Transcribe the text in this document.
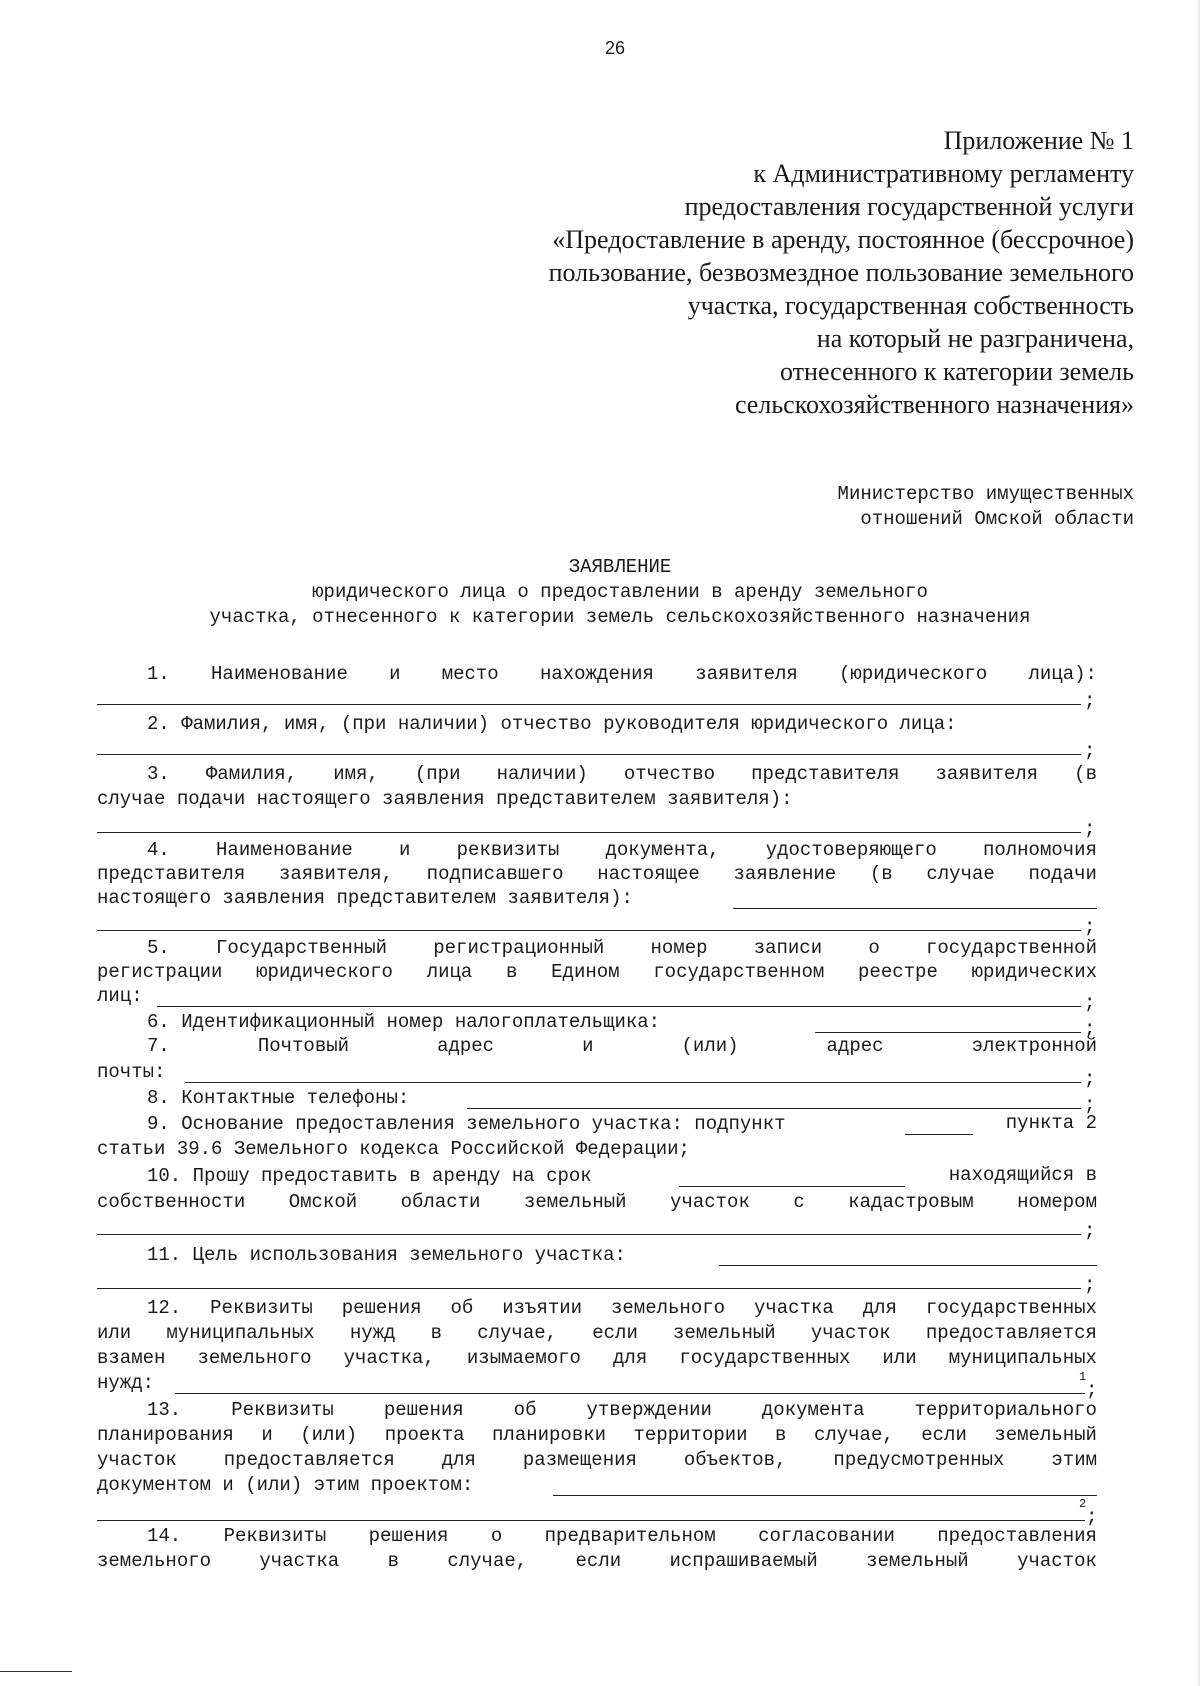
26
Приложение № 1
к Административному регламенту
предоставления государственной услуги
«Предоставление в аренду, постоянное (бессрочное)
пользование, безвозмездное пользование земельного
участка, государственная собственность
на который не разграничена,
отнесенного к категории земель
сельскохозяйственного назначения»
Министерство имущественных
отношений Омской области
ЗАЯВЛЕНИЕ
юридического лица о предоставлении в аренду земельного
участка, отнесенного к категории земель сельскохозяйственного назначения
1. Наименование и место нахождения заявителя (юридического лица):
;
2. Фамилия, имя, (при наличии) отчество руководителя юридического лица:
;
3. Фамилия, имя, (при наличии) отчество представителя заявителя (в
случае подачи настоящего заявления представителем заявителя):
;
4. Наименование и реквизиты документа, удостоверяющего полномочия
представителя заявителя, подписавшего настоящее заявление (в случае подачи
настоящего заявления представителем заявителя):
;
5. Государственный регистрационный номер записи о государственной
регистрации юридического лица в Едином государственном реестре юридических
лиц:	;
6. Идентификационный номер налогоплательщика:	;
7.	Почтовый	адрес	и	(или)	адрес	электронной
почты:	;
8. Контактные телефоны:	;
9. Основание предоставления земельного участка: подпункт	пункта 2
статьи 39.6 Земельного кодекса Российской Федерации;
10. Прошу предоставить в аренду на срок	находящийся в
собственности Омской области земельный участок с кадастровым номером
;
11. Цель использования земельного участка:
;
12. Реквизиты решения об изъятии земельного участка для государственных
или муниципальных нужд в случае, если земельный участок предоставляется
взамен земельного участка, изымаемого для государственных или муниципальных
нужд:	1
;
13.	Реквизиты	решения	об	утверждении	документа	территориального
планирования и (или) проекта планировки территории в случае, если земельный
участок предоставляется для размещения объектов, предусмотренных этим
документом и (или) этим проектом:
2
;
14. Реквизиты решения о предварительном согласовании предоставления
земельного	участка	в	случае,	если	испрашиваемый	земельный	участок
